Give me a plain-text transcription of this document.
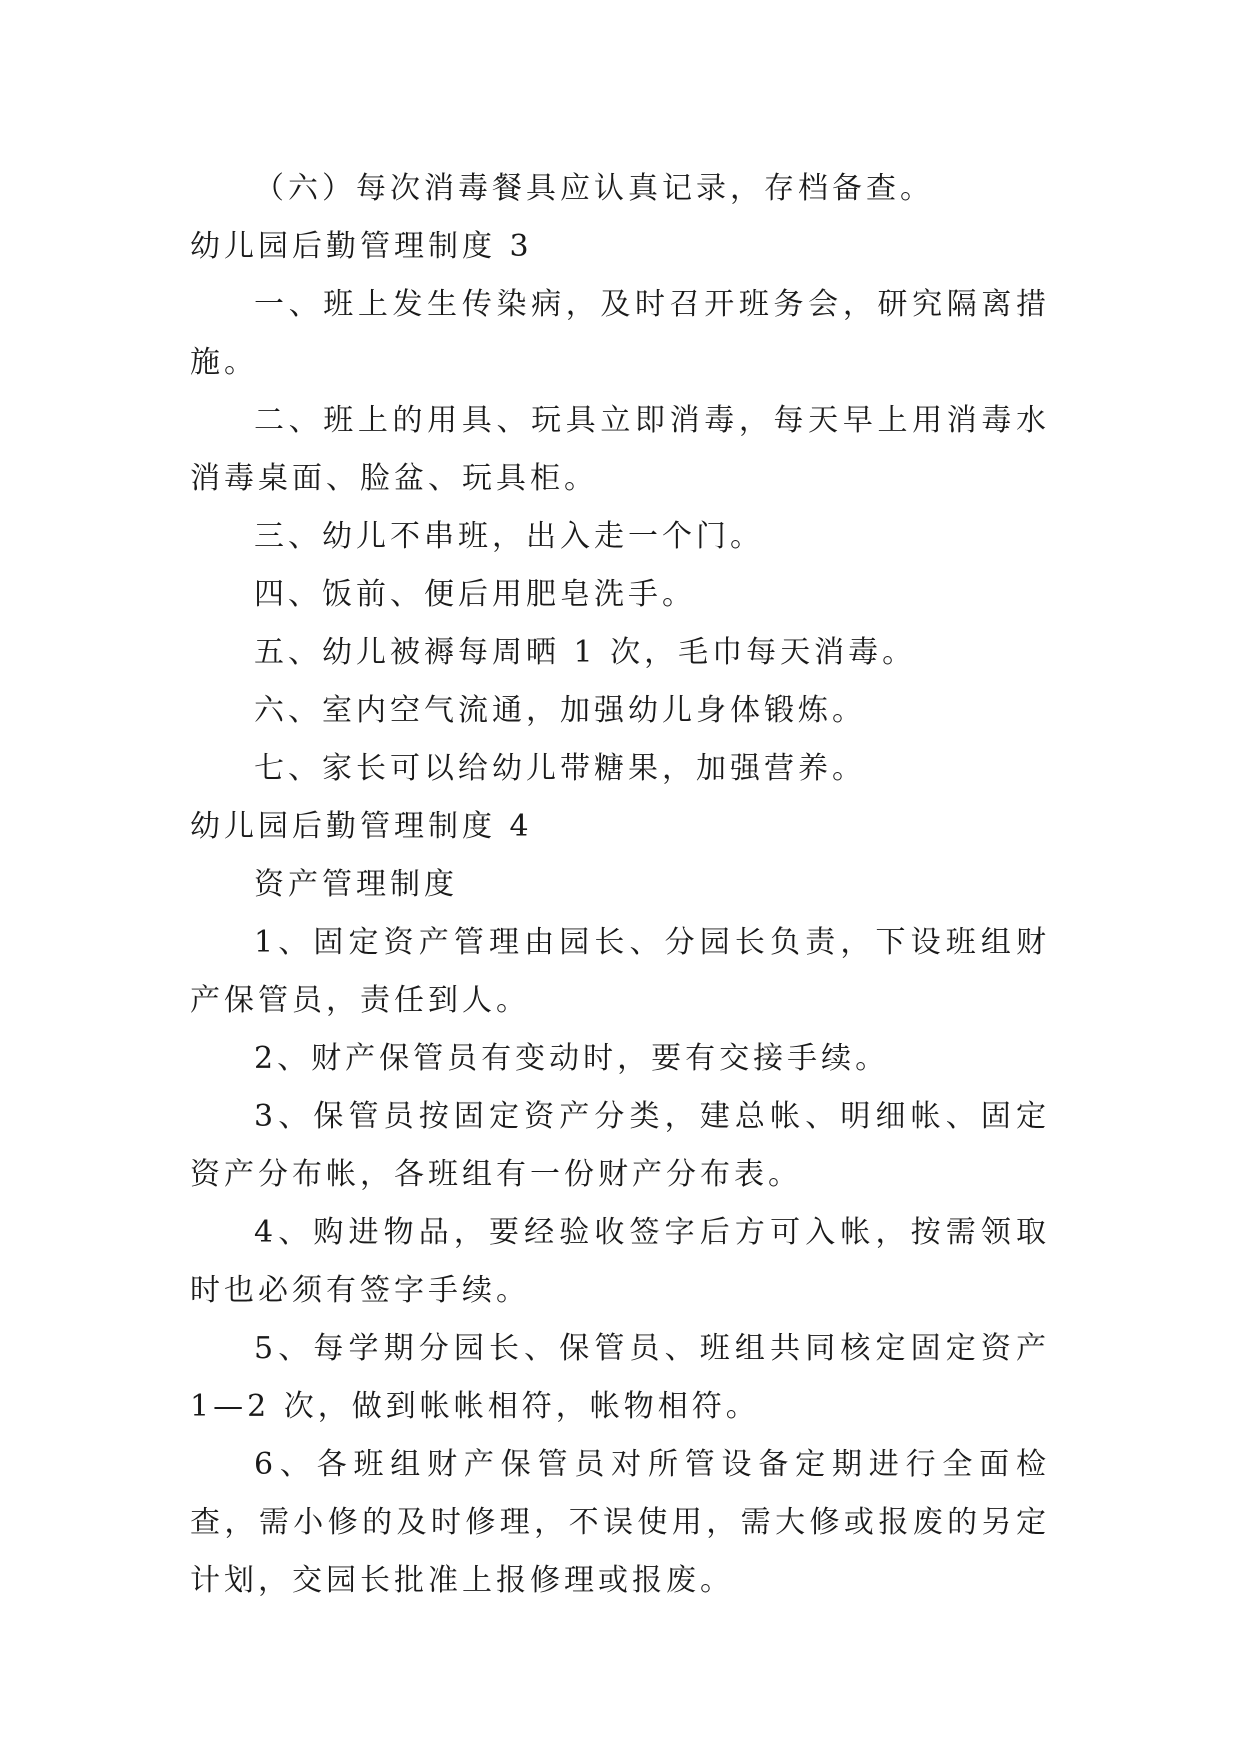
（六）每次消毒餐具应认真记录，存档备查。

幼儿园后勤管理制度 3

一、班上发生传染病，及时召开班务会，研究隔离措施。

二、班上的用具、玩具立即消毒，每天早上用消毒水消毒桌面、脸盆、玩具柜。

三、幼儿不串班，出入走一个门。

四、饭前、便后用肥皂洗手。

五、幼儿被褥每周晒 1 次，毛巾每天消毒。

六、室内空气流通，加强幼儿身体锻炼。

七、家长可以给幼儿带糖果，加强营养。

幼儿园后勤管理制度 4

资产管理制度

1、固定资产管理由园长、分园长负责，下设班组财产保管员，责任到人。

2、财产保管员有变动时，要有交接手续。

3、保管员按固定资产分类，建总帐、明细帐、固定资产分布帐，各班组有一份财产分布表。

4、购进物品，要经验收签字后方可入帐，按需领取时也必须有签字手续。

5、每学期分园长、保管员、班组共同核定固定资产 1—2 次，做到帐帐相符，帐物相符。

6、各班组财产保管员对所管设备定期进行全面检查，需小修的及时修理，不误使用，需大修或报废的另定计划，交园长批准上报修理或报废。
